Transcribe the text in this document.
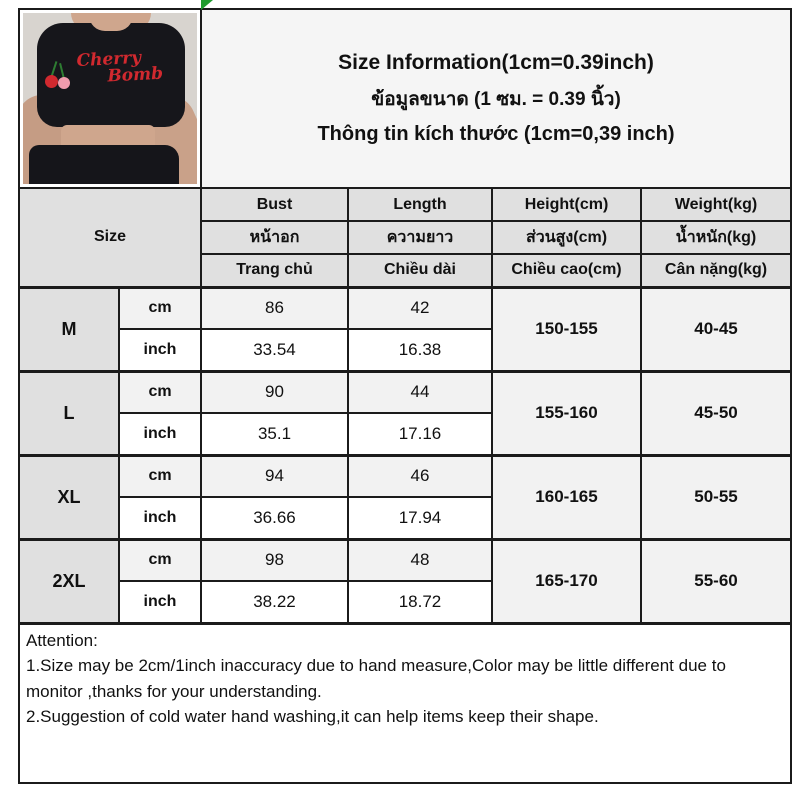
Cherry
Bomb

Size Information(1cm=0.39inch)
ข้อมูลขนาด (1 ซม. = 0.39 นิ้ว)
Thông tin kích thước (1cm=0,39 inch)

Size		Bust	Length	Height(cm)	Weight(kg)
		หน้าอก	ความยาว	ส่วนสูง(cm)	น้ำหนัก(kg)
		Trang chủ	Chiều dài	Chiều cao(cm)	Cân nặng(kg)
M	cm	86	42	150-155	40-45
	inch	33.54	16.38		
L	cm	90	44	155-160	45-50
	inch	35.1	17.16		
XL	cm	94	46	160-165	50-55
	inch	36.66	17.94		
2XL	cm	98	48	165-170	55-60
	inch	38.22	18.72		

Attention:
1.Size may be 2cm/1inch inaccuracy due to hand measure,Color may be little different due to monitor ,thanks for your understanding.
2.Suggestion of cold water hand washing,it can help items keep their shape.					
